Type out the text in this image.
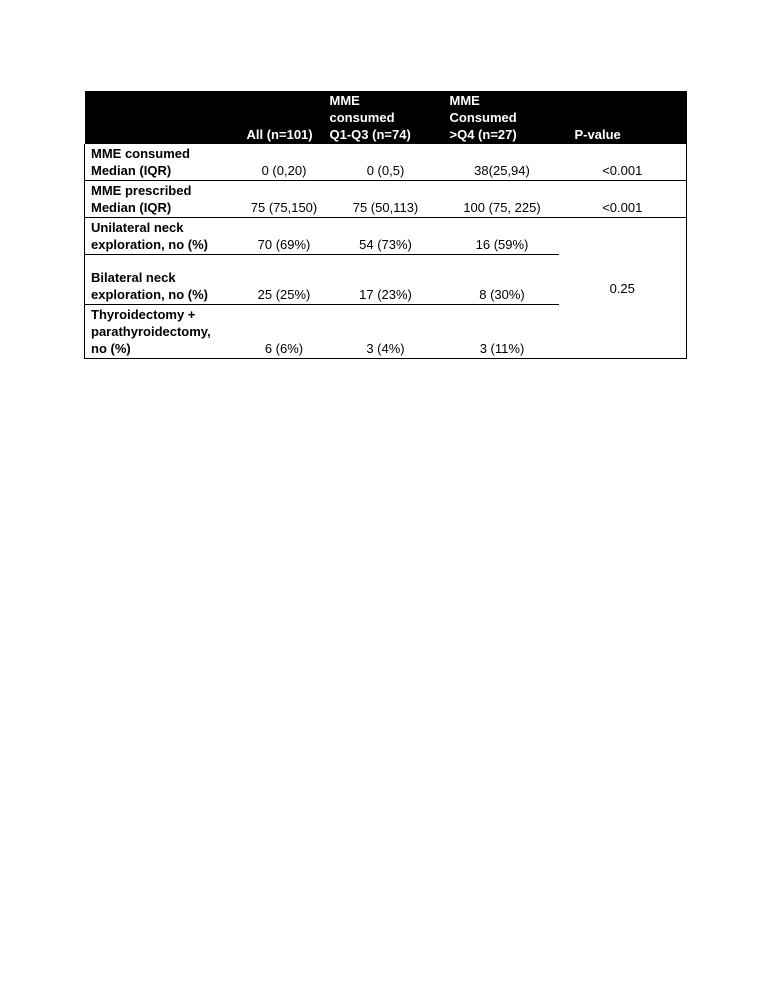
	All (n=101)	MME
consumed
Q1-Q3 (n=74)	MME
Consumed
>Q4 (n=27)	P-value
MME consumed
Median (IQR)	0 (0,20)	0 (0,5)	38(25,94)	<0.001
MME prescribed
Median (IQR)	75 (75,150)	75 (50,113)	100 (75, 225)	<0.001
Unilateral neck
exploration, no (%)	70 (69%)	54 (73%)	16 (59%)	0.25
Bilateral neck
exploration, no (%)	25 (25%)	17 (23%)	8 (30%)	
Thyroidectomy +
parathyroidectomy,
no (%)	6 (6%)	3 (4%)	3 (11%)	
